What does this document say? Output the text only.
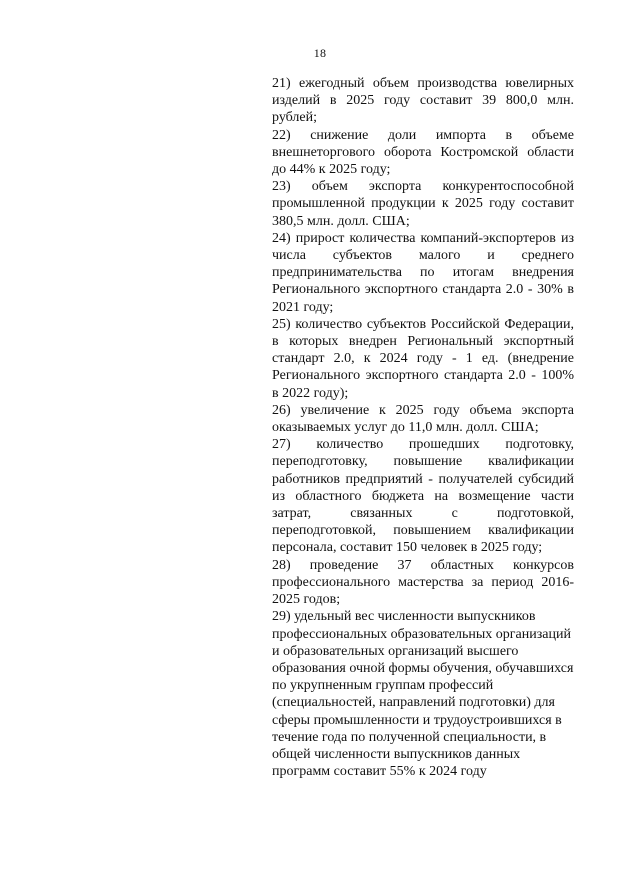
18

21) ежегодный объем производства ювелирных изделий в 2025 году составит 39 800,0 млн. рублей;

22) снижение доли импорта в объеме внешнеторгового оборота Костромской области до 44% к 2025 году;

23) объем экспорта конкурентоспособной промышленной продукции к 2025 году составит 380,5 млн. долл. США;

24) прирост количества компаний-экспортеров из числа субъектов малого и среднего предпринимательства по итогам внедрения Регионального экспортного стандарта 2.0 - 30% в 2021 году;

25) количество субъектов Российской Федерации, в которых внедрен Региональный экспортный стандарт 2.0, к 2024 году - 1 ед. (внедрение Регионального экспортного стандарта 2.0 - 100% в 2022 году);

26) увеличение к 2025 году объема экспорта оказываемых услуг до 11,0 млн. долл. США;

27) количество прошедших подготовку, переподготовку, повышение квалификации работников предприятий - получателей субсидий из областного бюджета на возмещение части затрат, связанных с подготовкой, переподготовкой, повышением квалификации персонала, составит 150 человек в 2025 году;

28) проведение 37 областных конкурсов профессионального мастерства за период 2016-2025 годов;

29) удельный вес численности выпускников профессиональных образовательных организаций и образовательных организаций высшего образования очной формы обучения, обучавшихся по укрупненным группам профессий (специальностей, направлений подготовки) для сферы промышленности и трудоустроившихся в течение года по полученной специальности, в общей численности выпускников данных программ составит 55% к 2024 году
